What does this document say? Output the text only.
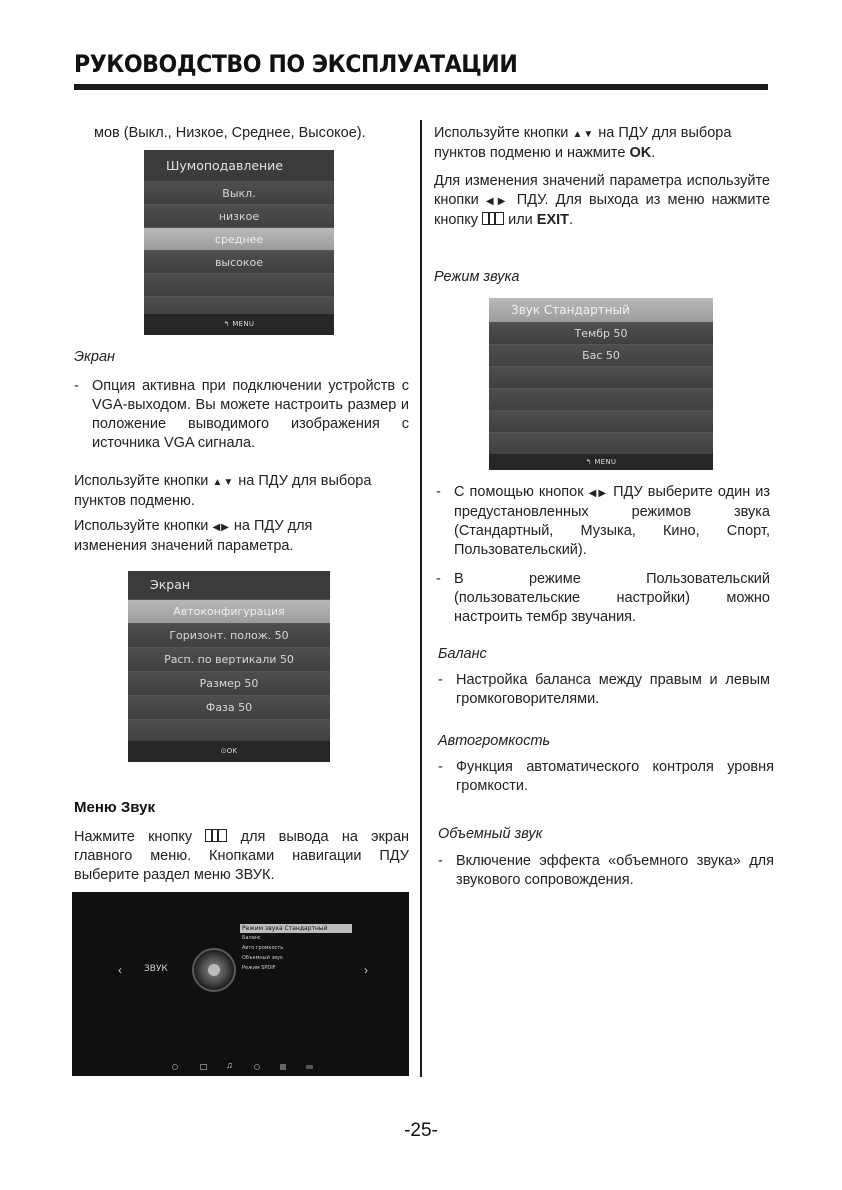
РУКОВОДСТВО ПО ЭКСПЛУАТАЦИИ
мов (Выкл., Низкое, Среднее, Высокое).
Шумоподавление
Выкл.
низкое
среднее
высокое
↰ MENU
Экран
- Опция активна при подключении устройств с VGA-выходом. Вы можете настроить размер и положение выводимого изображения с источника VGA сигнала.
Используйте кнопки ▲▼ на ПДУ для выбора пунктов подменю.
Используйте кнопки ◀▶ на ПДУ для изменения значений параметра.
Экран
Автоконфигурация
Горизонт. полож. 50
Расп. по вертикали 50
Размер 50
Фаза 50
⊙OK
Меню Звук
Нажмите кнопку	для вывода на экран главного меню. Кнопками навигации ПДУ выберите раздел меню ЗВУК.
‹ ЗВУК	›
Режим звука Стандартный
Баланс
Авто громкость
Объемный звук
Режим SPDIF
♫
Используйте кнопки ▲▼ на ПДУ для выбора пунктов подменю и нажмите OK.
Для изменения значений параметра используйте кнопки ◀▶ ПДУ. Для выхода из меню нажмите кнопку или EXIT.
Режим звука
Звук Стандартный
Тембр 50
Бас 50
↰ MENU
- С помощью кнопок ◀▶ ПДУ выберите один из предустановленных режимов звука (Стандартный, Музыка, Кино, Спорт, Пользовательский).
- В режиме Пользовательский (пользовательские настройки) можно настроить тембр звучания.
Баланс
- Настройка баланса между правым и левым громкоговорителями.
Автогромкость
- Функция автоматического контроля уровня громкости.
Объемный звук
- Включение эффекта «объемного звука» для звукового сопровождения.
-25-
